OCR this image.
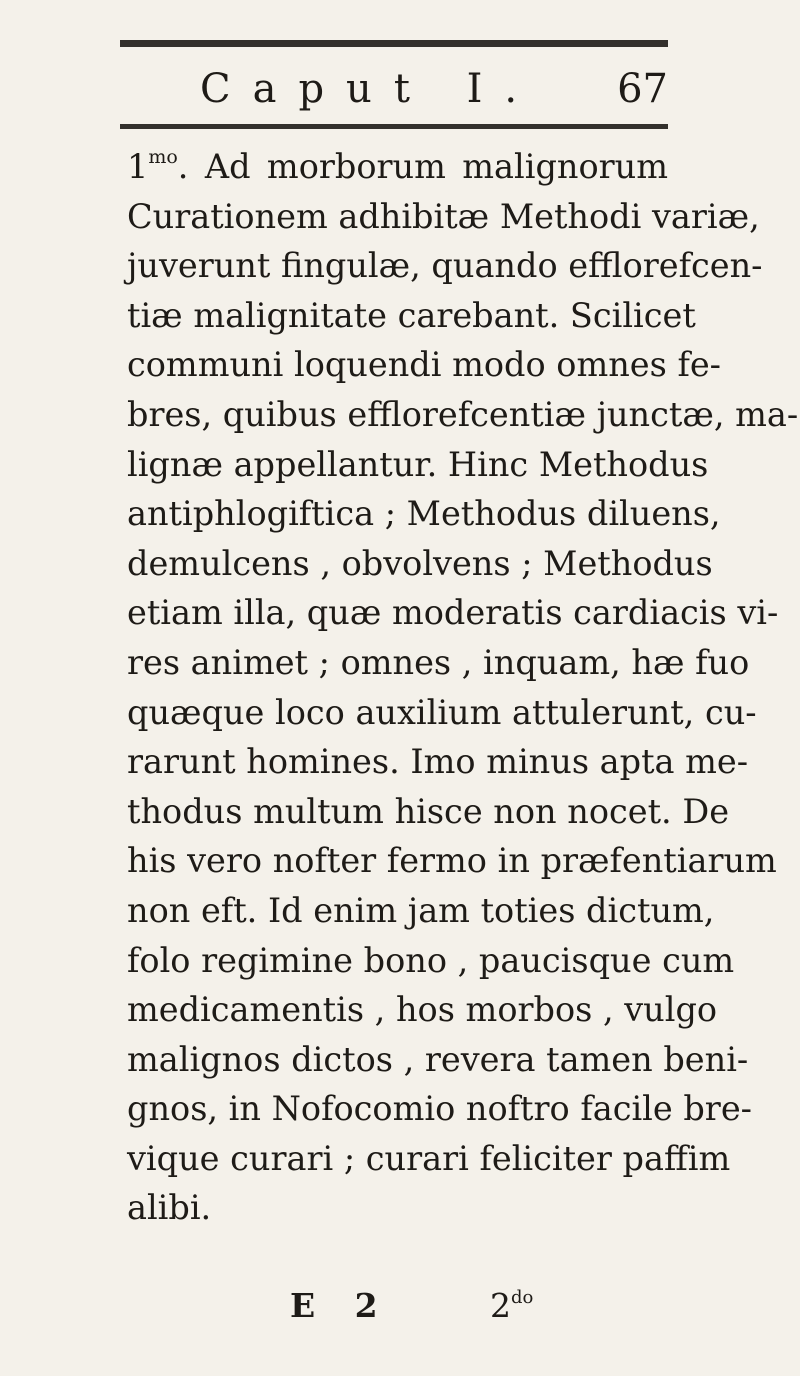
Caput I. 67
$1^{mo}$. Ad morborum malignorum
Curationem adhibitæ Methodi variæ,
juverunt fingulæ, quando efflorefcen-
tiæ malignitate carebant. Scilicet
communi loquendi modo omnes fe-
bres, quibus efflorefcentiæ junctæ, ma-
lignæ appellantur. Hinc Methodus
antiphlogiftica ; Methodus diluens,
demulcens , obvolvens ; Methodus
etiam illa, quæ moderatis cardiacis vi-
res animet ; omnes , inquam, hæ fuo
quæque loco auxilium attulerunt, cu-
rarunt homines. Imo minus apta me-
thodus multum hisce non nocet. De
his vero nofter fermo in præfentiarum
non eft. Id enim jam toties dictum,
folo regimine bono , paucisque cum
medicamentis , hos morbos , vulgo
malignos dictos , revera tamen beni-
gnos, in Nofocomio noftro facile bre-
vique curari ; curari feliciter paffim
alibi.
E 2	$2^{do}$
